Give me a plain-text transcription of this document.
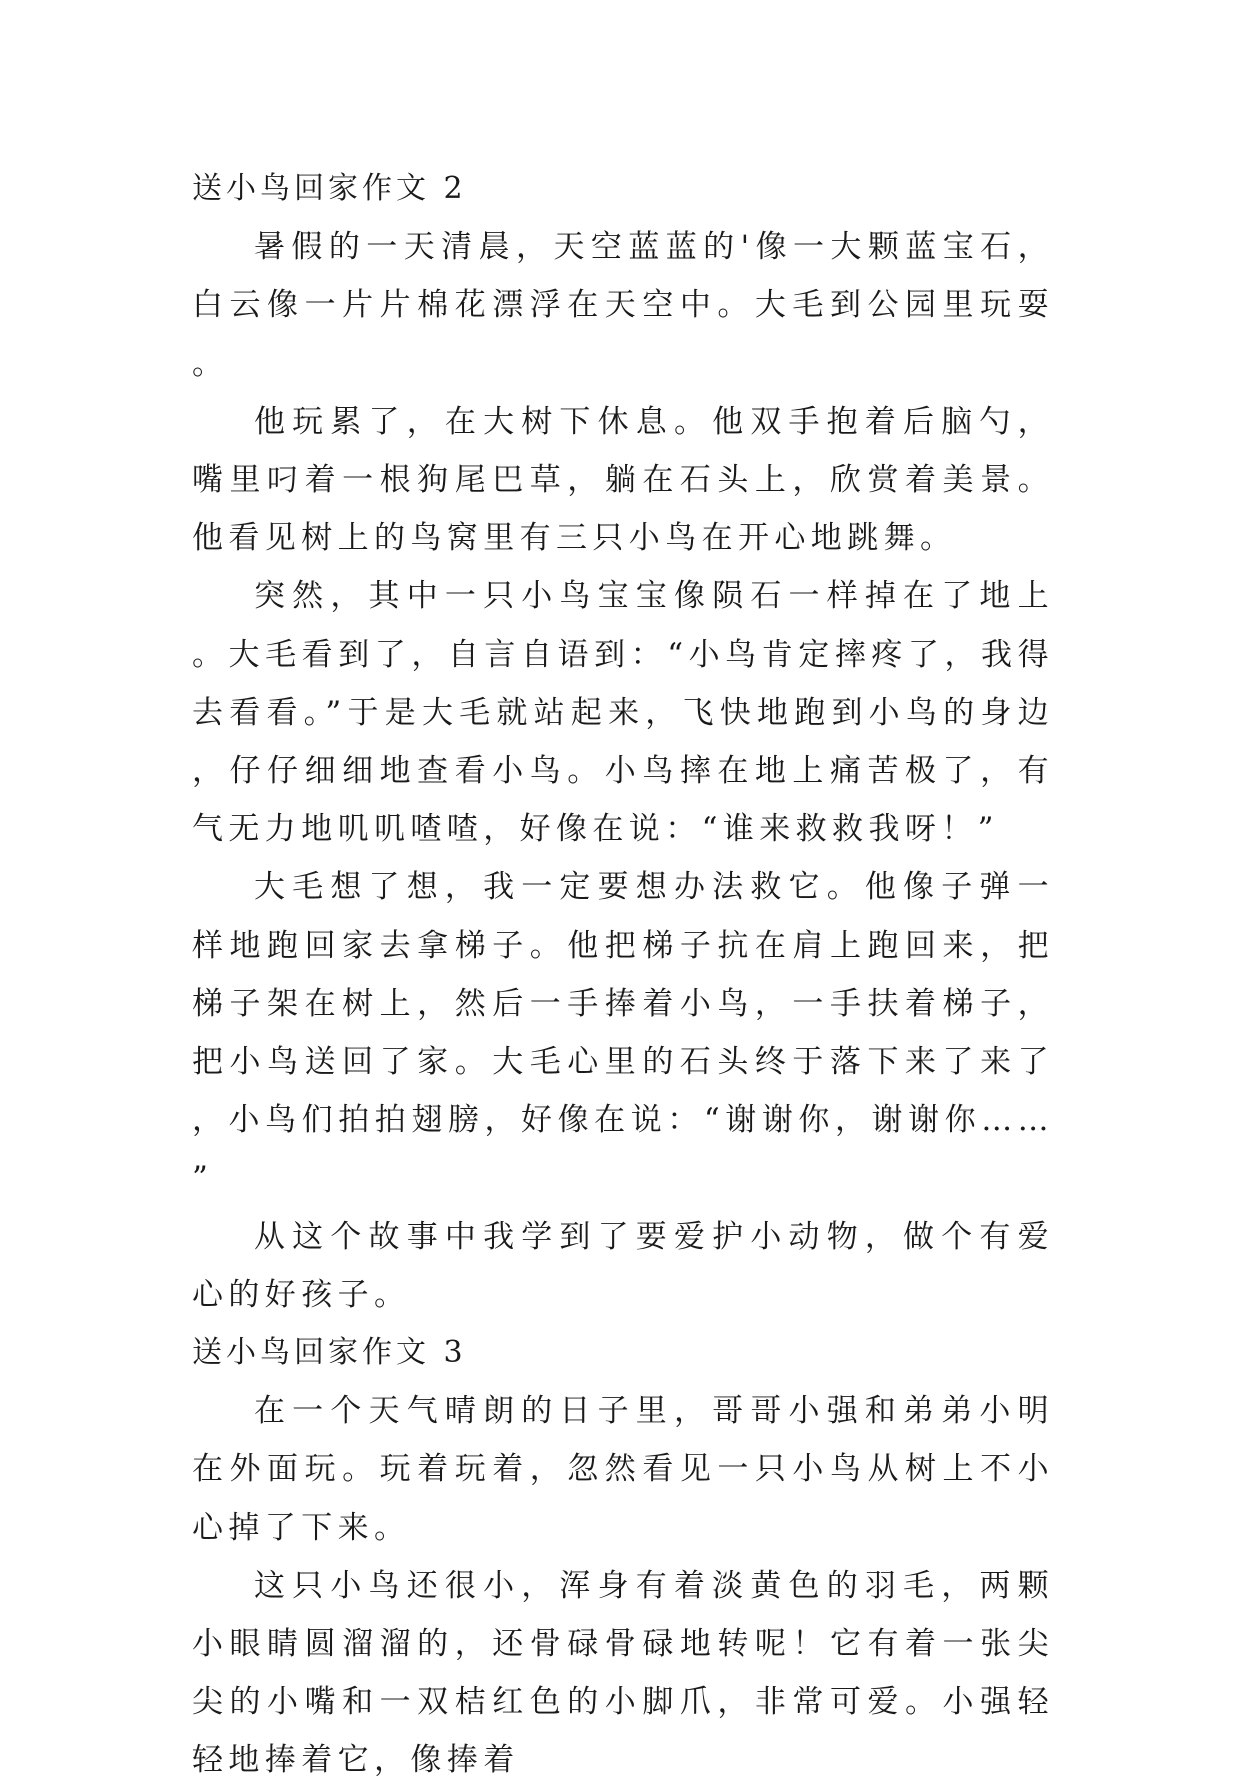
送小鸟回家作文 2

暑假的一天清晨，天空蓝蓝的'像一大颗蓝宝石，白云像一片片棉花漂浮在天空中。大毛到公园里玩耍。

他玩累了，在大树下休息。他双手抱着后脑勺，嘴里叼着一根狗尾巴草，躺在石头上，欣赏着美景。他看见树上的鸟窝里有三只小鸟在开心地跳舞。

突然，其中一只小鸟宝宝像陨石一样掉在了地上。大毛看到了，自言自语到：“小鸟肯定摔疼了，我得去看看。”于是大毛就站起来，飞快地跑到小鸟的身边，仔仔细细地查看小鸟。小鸟摔在地上痛苦极了，有气无力地叽叽喳喳，好像在说：“谁来救救我呀！”

大毛想了想，我一定要想办法救它。他像子弹一样地跑回家去拿梯子。他把梯子抗在肩上跑回来，把梯子架在树上，然后一手捧着小鸟，一手扶着梯子，把小鸟送回了家。大毛心里的石头终于落下来了来了，小鸟们拍拍翅膀，好像在说：“谢谢你，谢谢你……”

从这个故事中我学到了要爱护小动物，做个有爱心的好孩子。

送小鸟回家作文 3

在一个天气晴朗的日子里，哥哥小强和弟弟小明在外面玩。玩着玩着，忽然看见一只小鸟从树上不小心掉了下来。

这只小鸟还很小，浑身有着淡黄色的羽毛，两颗小眼睛圆溜溜的，还骨碌骨碌地转呢！它有着一张尖尖的小嘴和一双桔红色的小脚爪，非常可爱。小强轻轻地捧着它，像捧着
